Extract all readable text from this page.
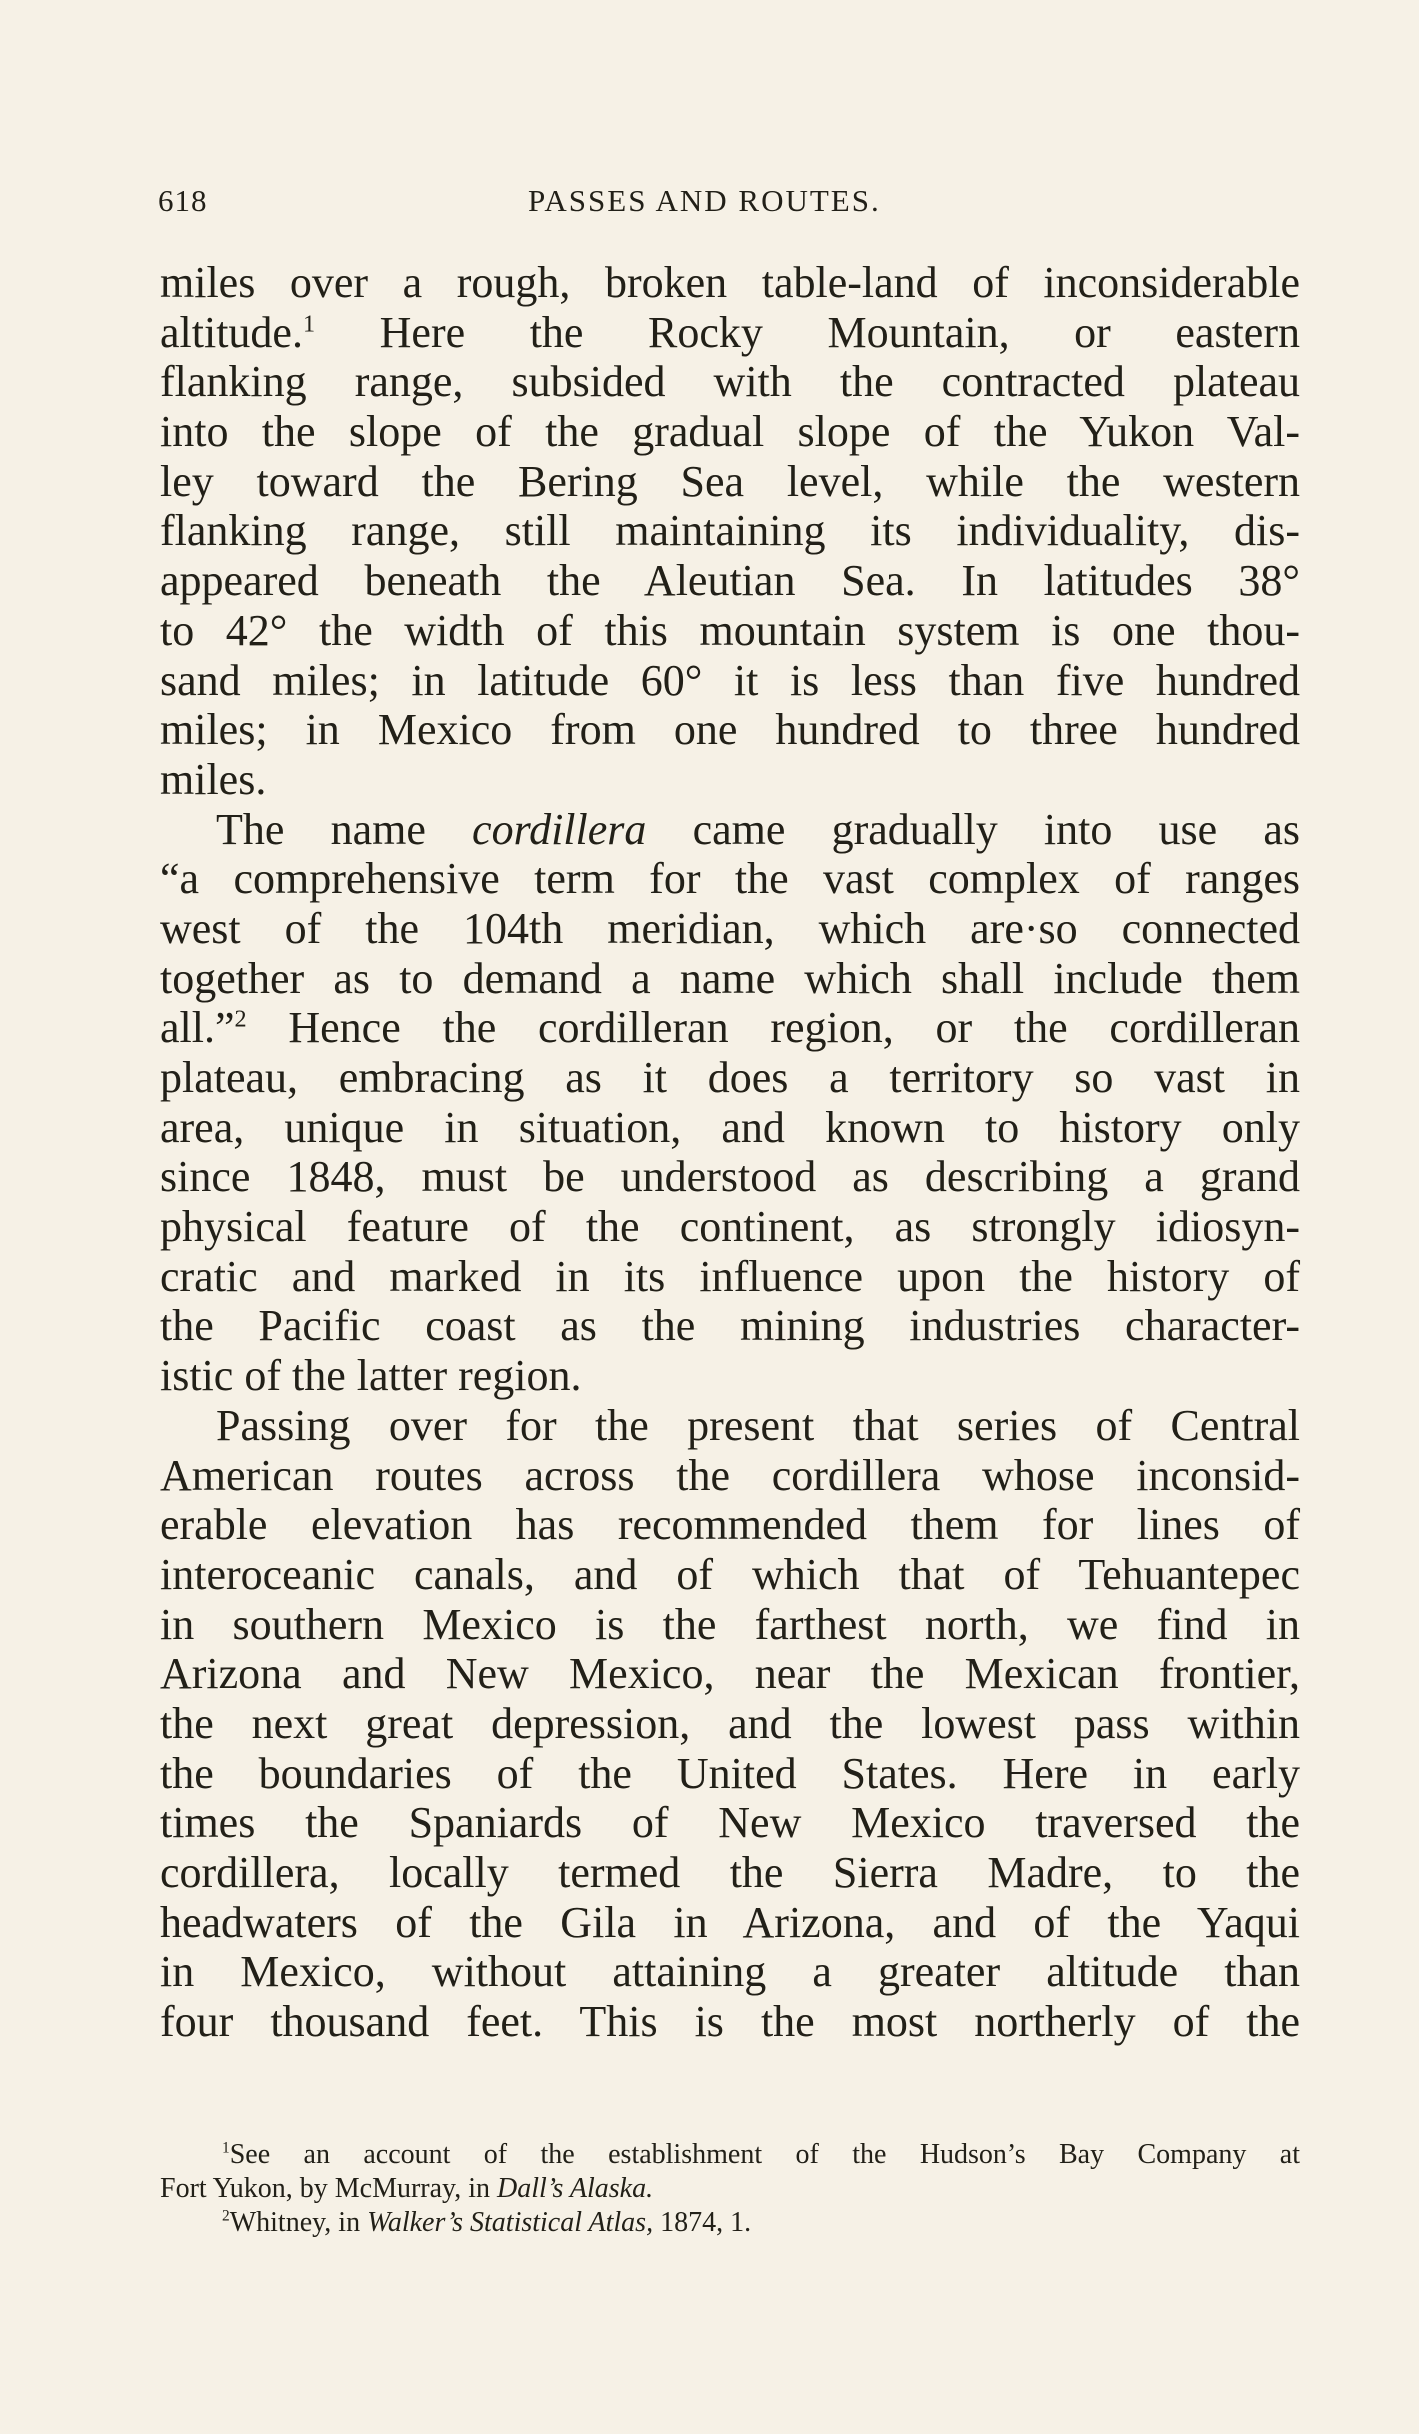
618	PASSES AND ROUTES.
miles over a rough, broken table-land of inconsiderable
altitude.$^1$ Here the Rocky Mountain, or eastern
flanking range, subsided with the contracted plateau
into the slope of the gradual slope of the Yukon Val-
ley toward the Bering Sea level, while the western
flanking range, still maintaining its individuality, dis-
appeared beneath the Aleutian Sea. In latitudes 38°
to 42° the width of this mountain system is one thou-
sand miles; in latitude 60° it is less than five hundred
miles; in Mexico from one hundred to three hundred
miles.
The name cordillera came gradually into use as
“a comprehensive term for the vast complex of ranges
west of the 104th meridian, which are·so connected
together as to demand a name which shall include them
all.”$^2$ Hence the cordilleran region, or the cordilleran
plateau, embracing as it does a territory so vast in
area, unique in situation, and known to history only
since 1848, must be understood as describing a grand
physical feature of the continent, as strongly idiosyn-
cratic and marked in its influence upon the history of
the Pacific coast as the mining industries character-
istic of the latter region.
Passing over for the present that series of Central
American routes across the cordillera whose inconsid-
erable elevation has recommended them for lines of
interoceanic canals, and of which that of Tehuantepec
in southern Mexico is the farthest north, we find in
Arizona and New Mexico, near the Mexican frontier,
the next great depression, and the lowest pass within
the boundaries of the United States. Here in early
times the Spaniards of New Mexico traversed the
cordillera, locally termed the Sierra Madre, to the
headwaters of the Gila in Arizona, and of the Yaqui
in Mexico, without attaining a greater altitude than
four thousand feet. This is the most northerly of the
$^1$See an account of the establishment of the Hudson’s Bay Company at
Fort Yukon, by McMurray, in Dall’s Alaska.
$^2$Whitney, in Walker’s Statistical Atlas, 1874, 1.
